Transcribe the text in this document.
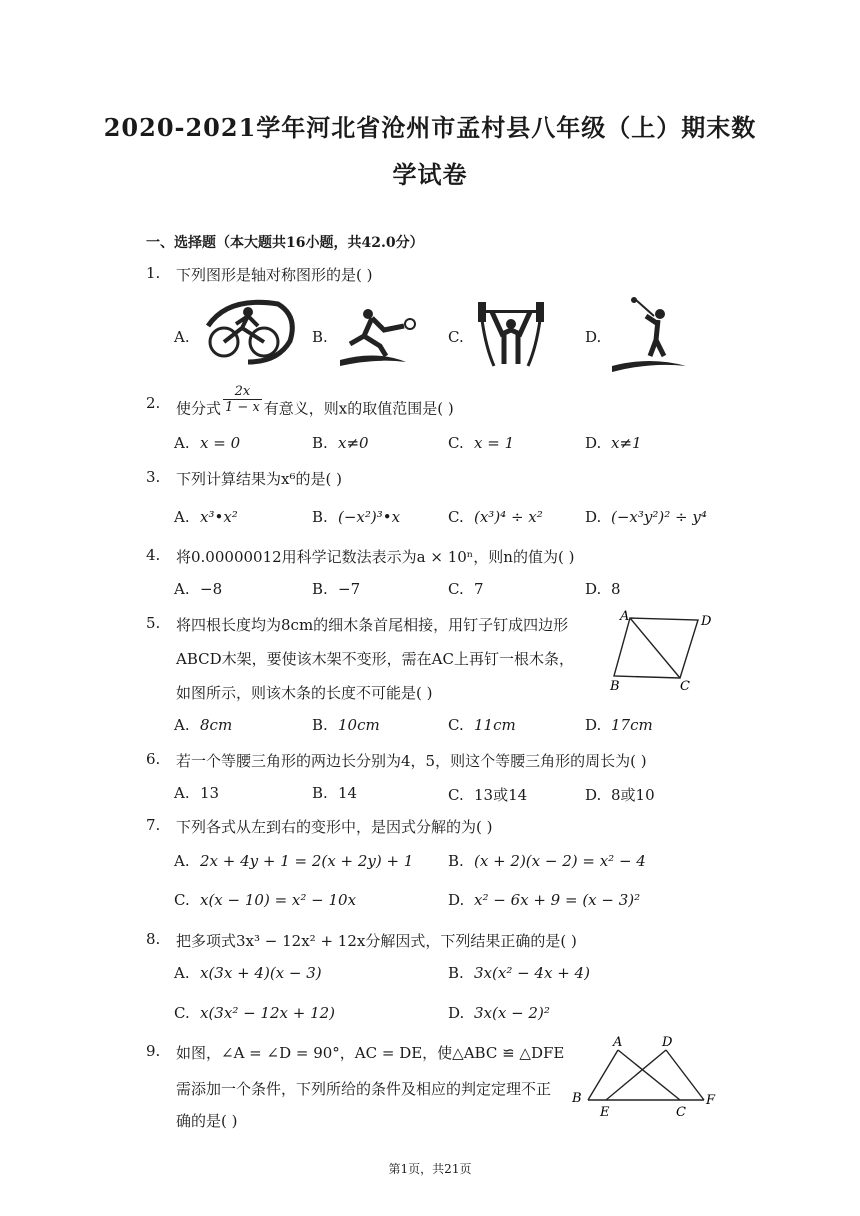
2020-2021学年河北省沧州市孟村县八年级（上）期末数
学试卷
一、选择题（本大题共16小题，共42.0分）
1.	下列图形是轴对称图形的是( )
A.	B.	C.	D.
2.	使分式 $\frac{2x}{1 - x}$ 有意义，则x的取值范围是( )
A. x = 0	B. x≠0	C. x = 1	D. x≠1
3.	下列计算结果为x⁶的是( )
A. x³•x²	B. (−x²)³•x	C. (x³)⁴ ÷ x²	D. (−x³y²)² ÷ y⁴
4.	将0.00000012用科学记数法表示为a × 10ⁿ，则n的值为( )
A. −8	B. −7	C. 7	D. 8
5.	将四根长度均为8cm的细木条首尾相接，用钉子钉成四边形
ABCD木架，要使该木架不变形，需在AC上再钉一根木条，
如图所示，则该木条的长度不可能是( )
A	D
B	C
A. 8cm	B. 10cm	C. 11cm	D. 17cm
6.	若一个等腰三角形的两边长分别为4，5，则这个等腰三角形的周长为( )
A. 13	B. 14	C. 13或14	D. 8或10
7.	下列各式从左到右的变形中，是因式分解的为( )
A. 2x + 4y + 1 = 2(x + 2y) + 1 B. (x + 2)(x − 2) = x² − 4
C. x(x − 10) = x² − 10x	D. x² − 6x + 9 = (x − 3)²
8.	把多项式3x³ − 12x² + 12x分解因式，下列结果正确的是( )
A. x(3x + 4)(x − 3)	B. 3x(x² − 4x + 4)
C. x(3x² − 12x + 12)	D. 3x(x − 2)²
9.	如图，∠A = ∠D = 90°，AC = DE，使△ABC ≌ △DFE
需添加一个条件，下列所给的条件及相应的判定定理不正
确的是( )
A	D
B
E	C
F
第1页，共21页
